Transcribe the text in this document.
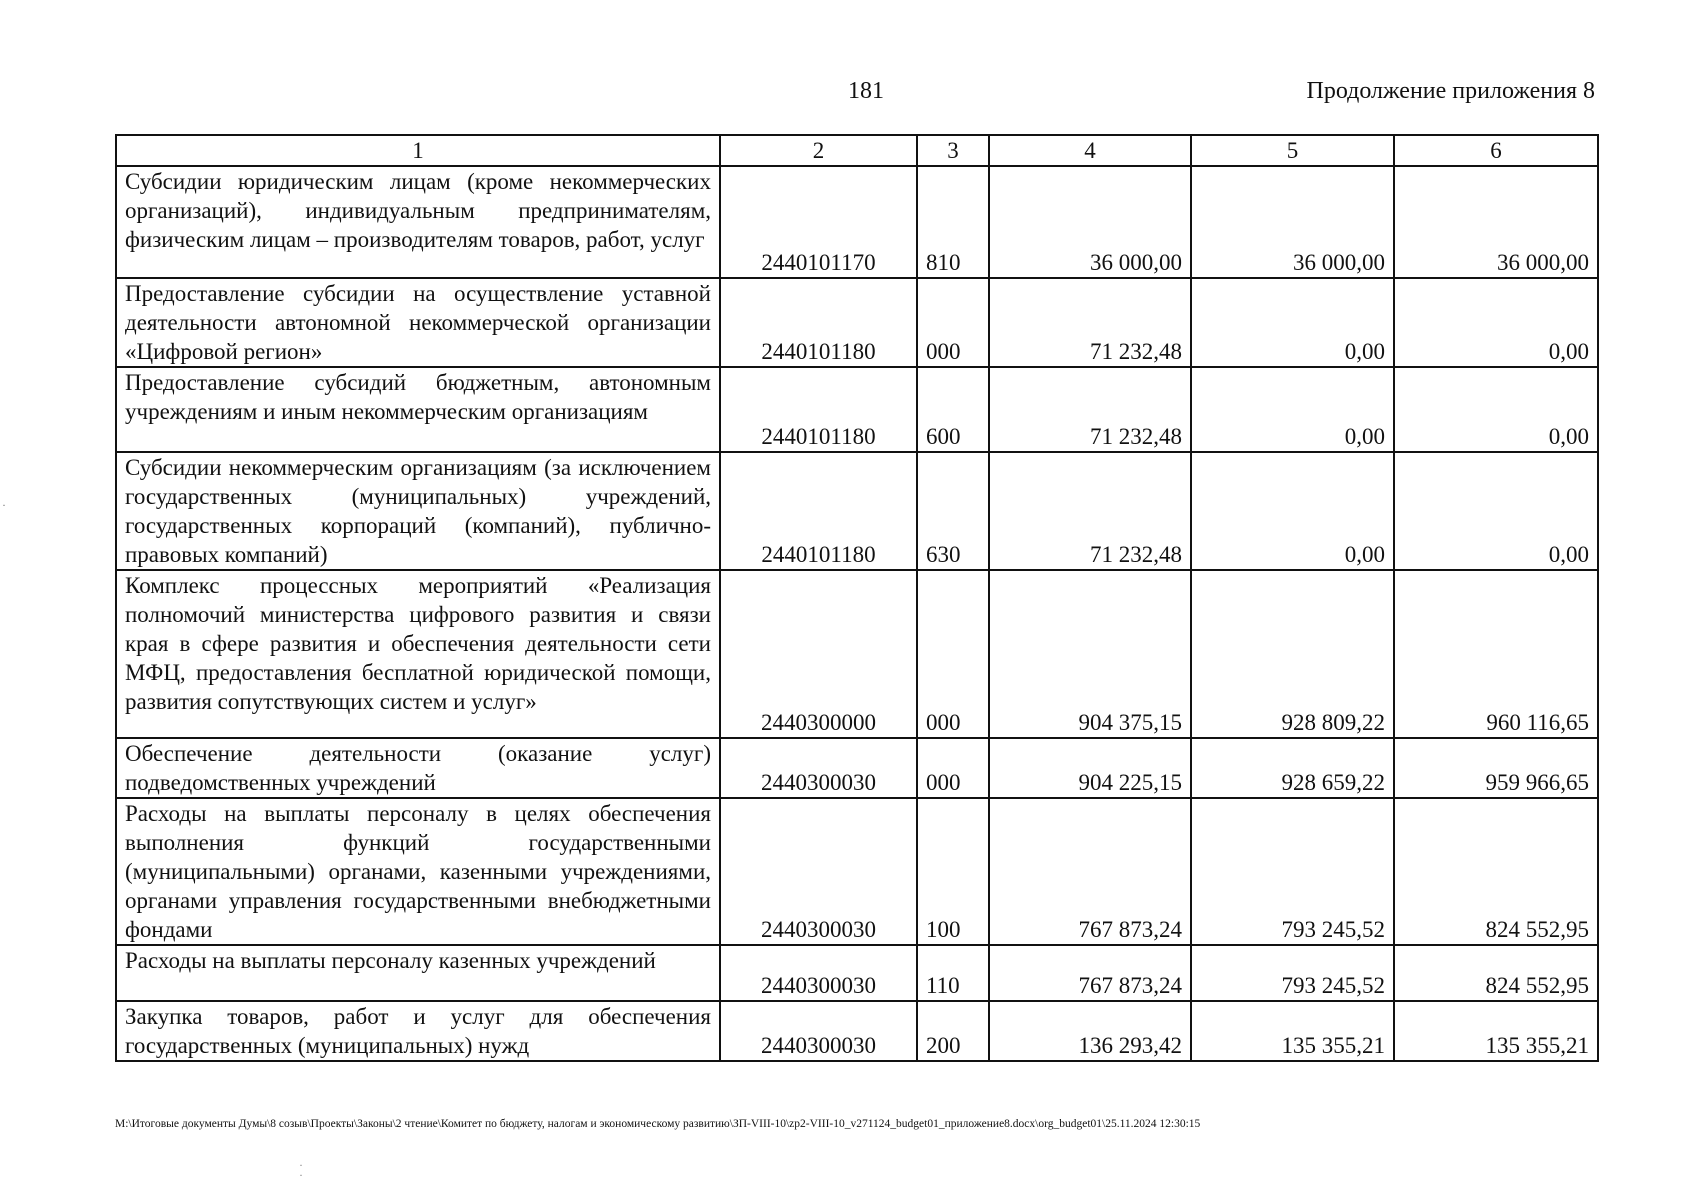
181	Продолжение приложения 8
1	2	3	4	5	6
Субсидии юридическим лицам (кроме некоммерческих организаций), индивидуальным предпринимателям, физическим лицам – производителям товаров, работ, услуг	2440101170	810	36 000,00	36 000,00	36 000,00
Предоставление субсидии на осуществление уставной деятельности автономной некоммерческой организации «Цифровой регион»	2440101180	000	71 232,48	0,00	0,00
Предоставление субсидий бюджетным, автономным учреждениям и иным некоммерческим организациям	2440101180	600	71 232,48	0,00	0,00
Субсидии некоммерческим организациям (за исключением государственных (муниципальных) учреждений, государственных корпораций (компаний), публично-правовых компаний)	2440101180	630	71 232,48	0,00	0,00
Комплекс процессных мероприятий «Реализация полномочий министерства цифрового развития и связи края в сфере развития и обеспечения деятельности сети МФЦ, предоставления бесплатной юридической помощи, развития сопутствующих систем и услуг»	2440300000	000	904 375,15	928 809,22	960 116,65
Обеспечение деятельности (оказание услуг) подведомственных учреждений	2440300030	000	904 225,15	928 659,22	959 966,65
Расходы на выплаты персоналу в целях обеспечения выполнения функций государственными (муниципальными) органами, казенными учреждениями, органами управления государственными внебюджетными фондами	2440300030	100	767 873,24	793 245,52	824 552,95
Расходы на выплаты персоналу казенных учреждений	2440300030	110	767 873,24	793 245,52	824 552,95
Закупка товаров, работ и услуг для обеспечения государственных (муниципальных) нужд	2440300030	200	136 293,42	135 355,21	135 355,21
M:\Итоговые документы Думы\8 созыв\Проекты\Законы\2 чтение\Комитет по бюджету, налогам и экономическому развитию\ЗП-VIII-10\zp2-VIII-10_v271124_budget01_приложение8.docx\org_budget01\25.11.2024 12:30:15
·
·
·
